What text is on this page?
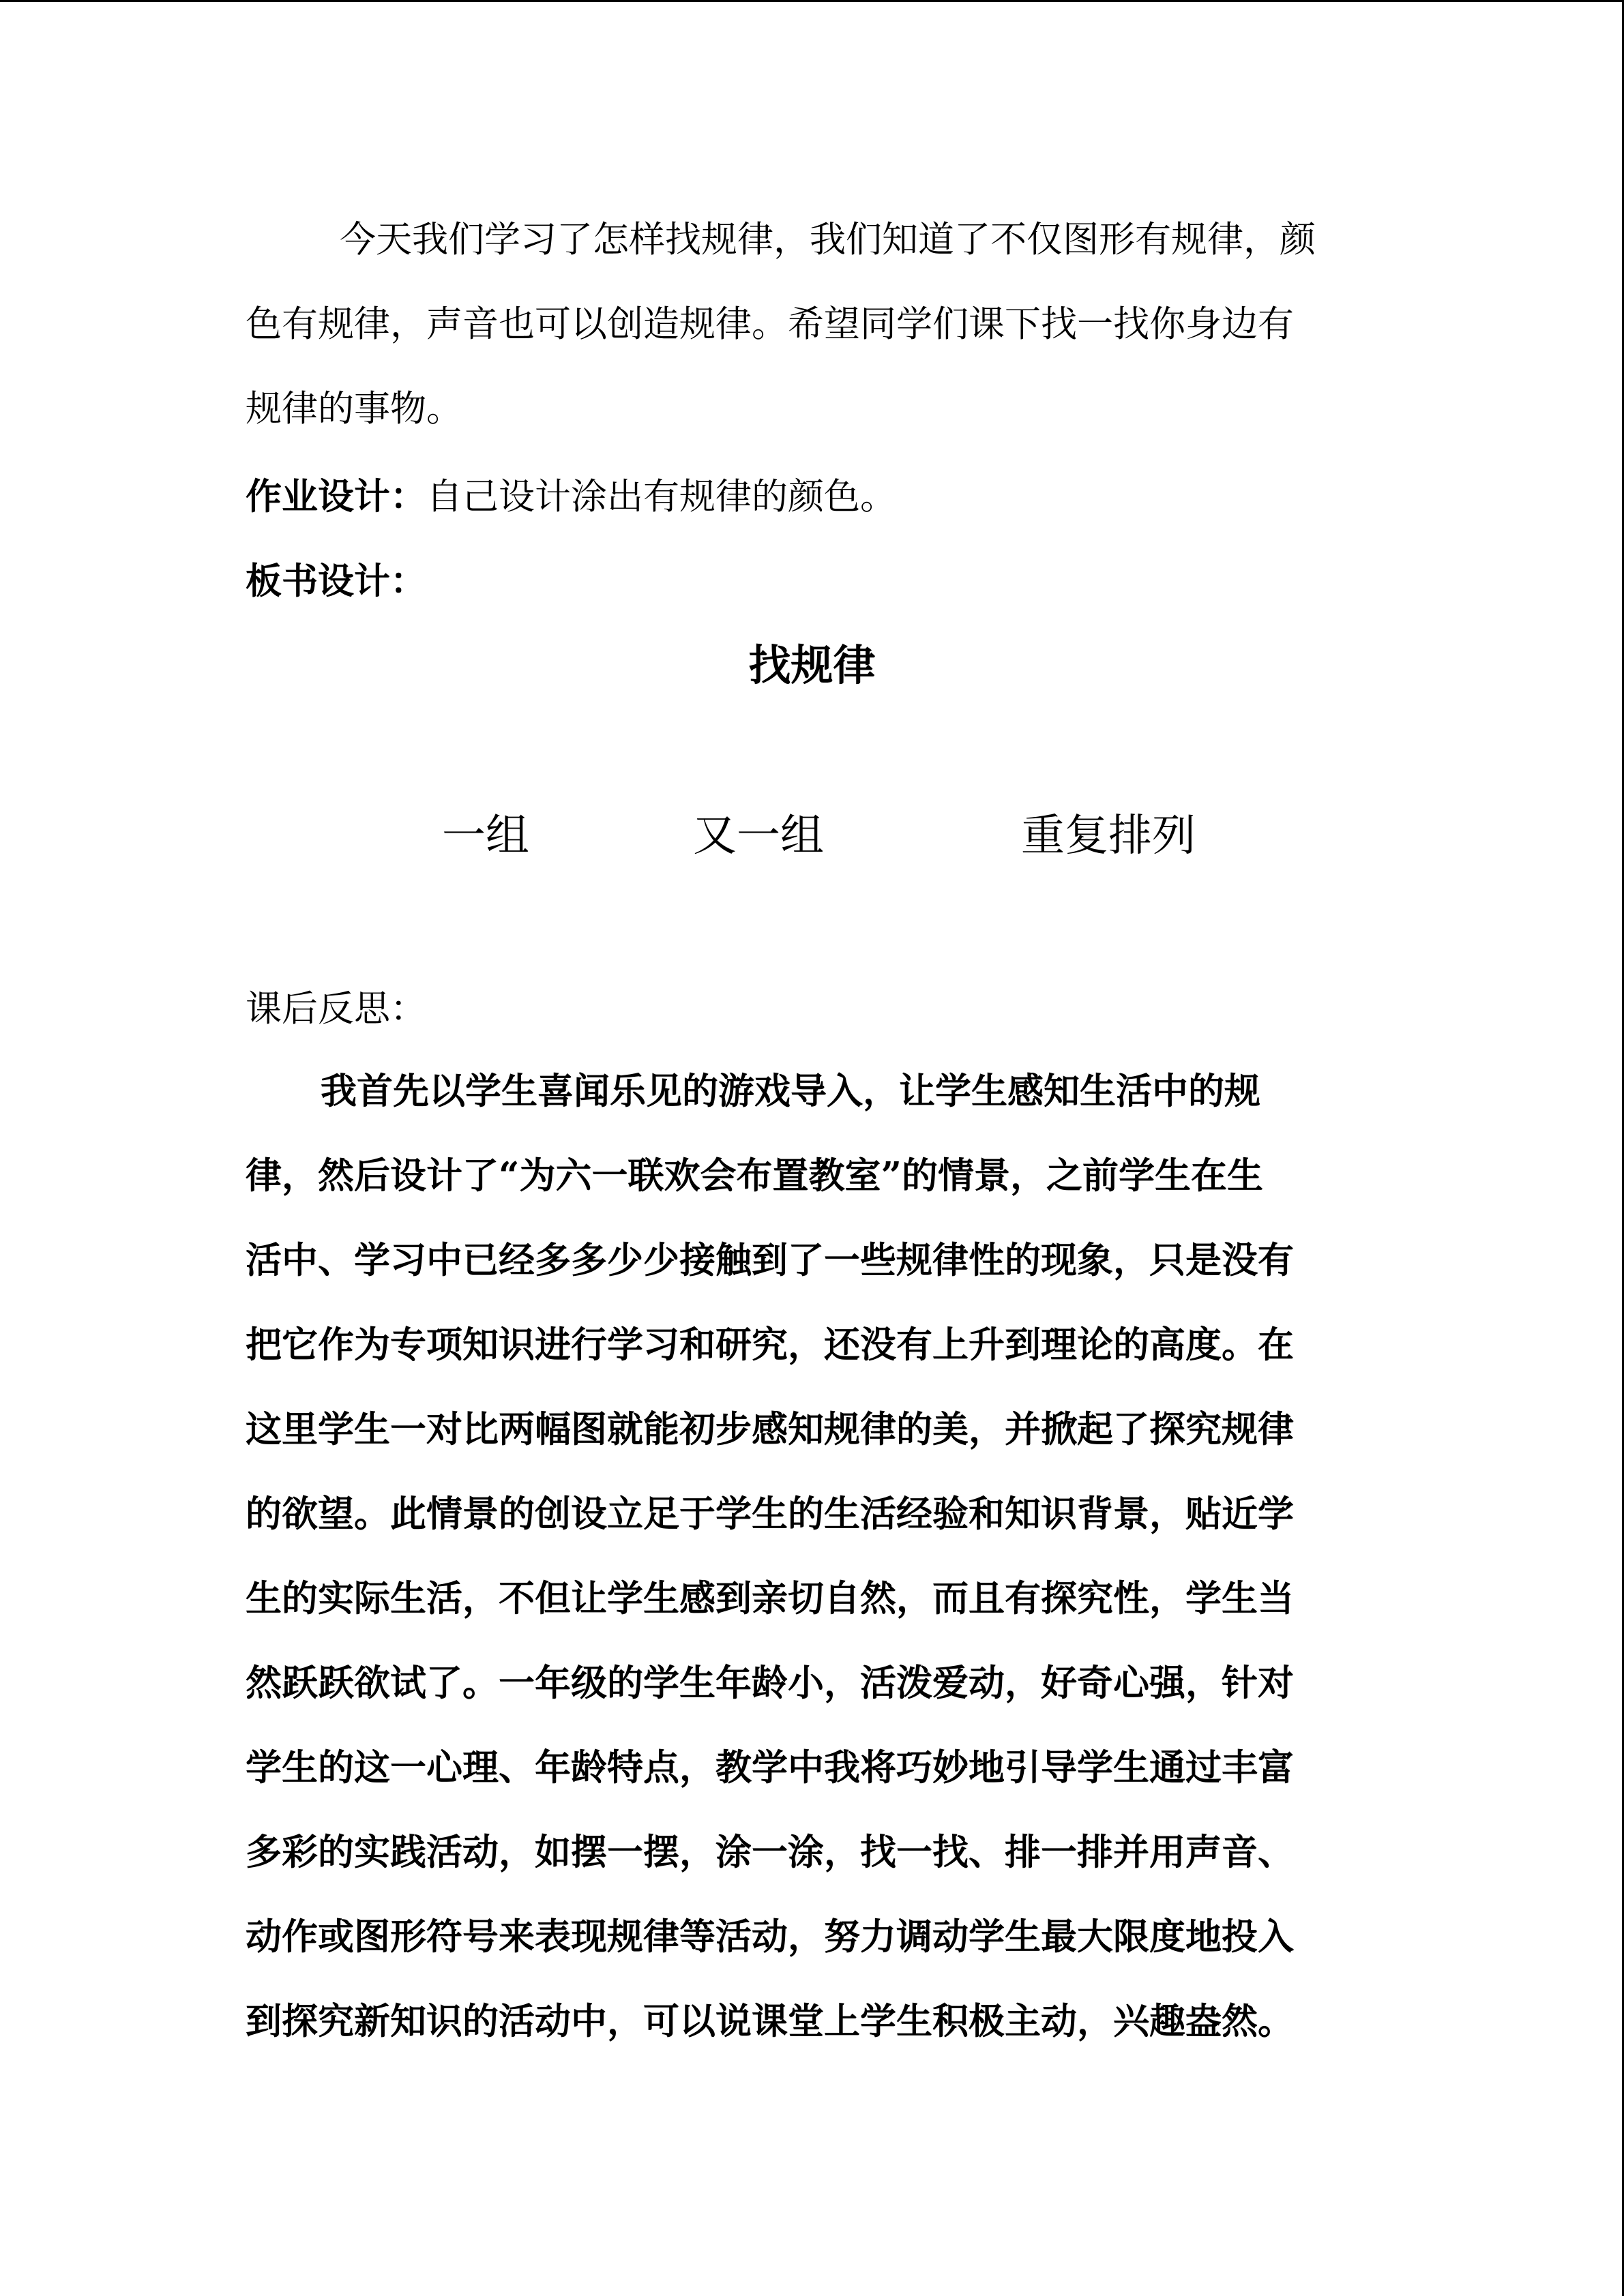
今天我们学习了怎样找规律，我们知道了不仅图形有规律，颜
色有规律，声音也可以创造规律。希望同学们课下找一找你身边有
规律的事物。
作业设计：自己设计涂出有规律的颜色。
板书设计：
找规律
一组	又一组	重复排列
课后反思：
我首先以学生喜闻乐见的游戏导入，让学生感知生活中的规
律，然后设计了“为六一联欢会布置教室”的情景，之前学生在生
活中、学习中已经多多少少接触到了一些规律性的现象，只是没有
把它作为专项知识进行学习和研究，还没有上升到理论的高度。在
这里学生一对比两幅图就能初步感知规律的美，并掀起了探究规律
的欲望。此情景的创设立足于学生的生活经验和知识背景，贴近学
生的实际生活，不但让学生感到亲切自然，而且有探究性，学生当
然跃跃欲试了。一年级的学生年龄小，活泼爱动，好奇心强，针对
学生的这一心理、年龄特点，教学中我将巧妙地引导学生通过丰富
多彩的实践活动，如摆一摆，涂一涂，找一找、排一排并用声音、
动作或图形符号来表现规律等活动，努力调动学生最大限度地投入
到探究新知识的活动中，可以说课堂上学生积极主动，兴趣盎然。
